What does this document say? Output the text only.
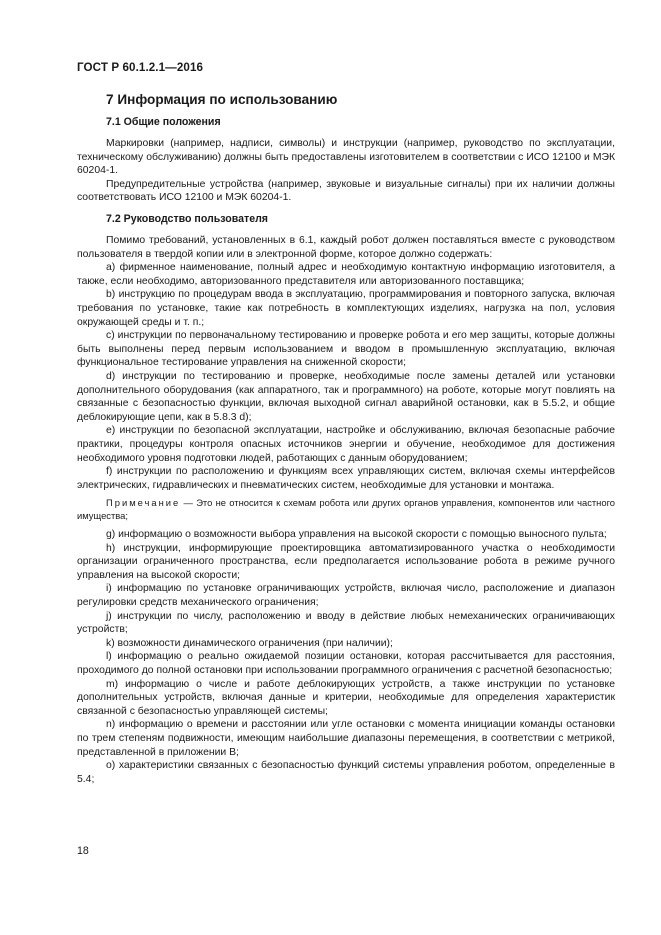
ГОСТ Р 60.1.2.1—2016
7 Информация по использованию
7.1 Общие положения

Маркировки (например, надписи, символы) и инструкции (например, руководство по эксплуатации, техническому обслуживанию) должны быть предоставлены изготовителем в соответствии с ИСО 12100 и МЭК 60204-1.

Предупредительные устройства (например, звуковые и визуальные сигналы) при их наличии должны соответствовать ИСО 12100 и МЭК 60204-1.

7.2 Руководство пользователя

Помимо требований, установленных в 6.1, каждый робот должен поставляться вместе с руководством пользователя в твердой копии или в электронной форме, которое должно содержать:

a) фирменное наименование, полный адрес и необходимую контактную информацию изготовителя, а также, если необходимо, авторизованного представителя или авторизованного поставщика;

b) инструкцию по процедурам ввода в эксплуатацию, программирования и повторного запуска, включая требования по установке, такие как потребность в комплектующих изделиях, нагрузка на пол, условия окружающей среды и т. п.;

c) инструкции по первоначальному тестированию и проверке робота и его мер защиты, которые должны быть выполнены перед первым использованием и вводом в промышленную эксплуатацию, включая функциональное тестирование управления на сниженной скорости;

d) инструкции по тестированию и проверке, необходимые после замены деталей или установки дополнительного оборудования (как аппаратного, так и программного) на роботе, которые могут повлиять на связанные с безопасностью функции, включая выходной сигнал аварийной остановки, как в 5.5.2, и общие деблокирующие цепи, как в 5.8.3 d);

e) инструкции по безопасной эксплуатации, настройке и обслуживанию, включая безопасные рабочие практики, процедуры контроля опасных источников энергии и обучение, необходимое для достижения необходимого уровня подготовки людей, работающих с данным оборудованием;

f) инструкции по расположению и функциям всех управляющих систем, включая схемы интерфейсов электрических, гидравлических и пневматических систем, необходимые для установки и монтажа.

Примечание — Это не относится к схемам робота или других органов управления, компонентов или частного имущества;

g) информацию о возможности выбора управления на высокой скорости с помощью выносного пульта;

h) инструкции, информирующие проектировщика автоматизированного участка о необходимости организации ограниченного пространства, если предполагается использование робота в режиме ручного управления на высокой скорости;

i) информацию по установке ограничивающих устройств, включая число, расположение и диапазон регулировки средств механического ограничения;

j) инструкции по числу, расположению и вводу в действие любых немеханических ограничивающих устройств;

k) возможности динамического ограничения (при наличии);

l) информацию о реально ожидаемой позиции остановки, которая рассчитывается для расстояния, проходимого до полной остановки при использовании программного ограничения с расчетной безопасностью;

m) информацию о числе и работе деблокирующих устройств, а также инструкции по установке дополнительных устройств, включая данные и критерии, необходимые для определения характеристик связанной с безопасностью управляющей системы;

n) информацию о времени и расстоянии или угле остановки с момента инициации команды остановки по трем степеням подвижности, имеющим наибольшие диапазоны перемещения, в соответствии с метрикой, представленной в приложении B;

o) характеристики связанных с безопасностью функций системы управления роботом, определенные в 5.4;

18
